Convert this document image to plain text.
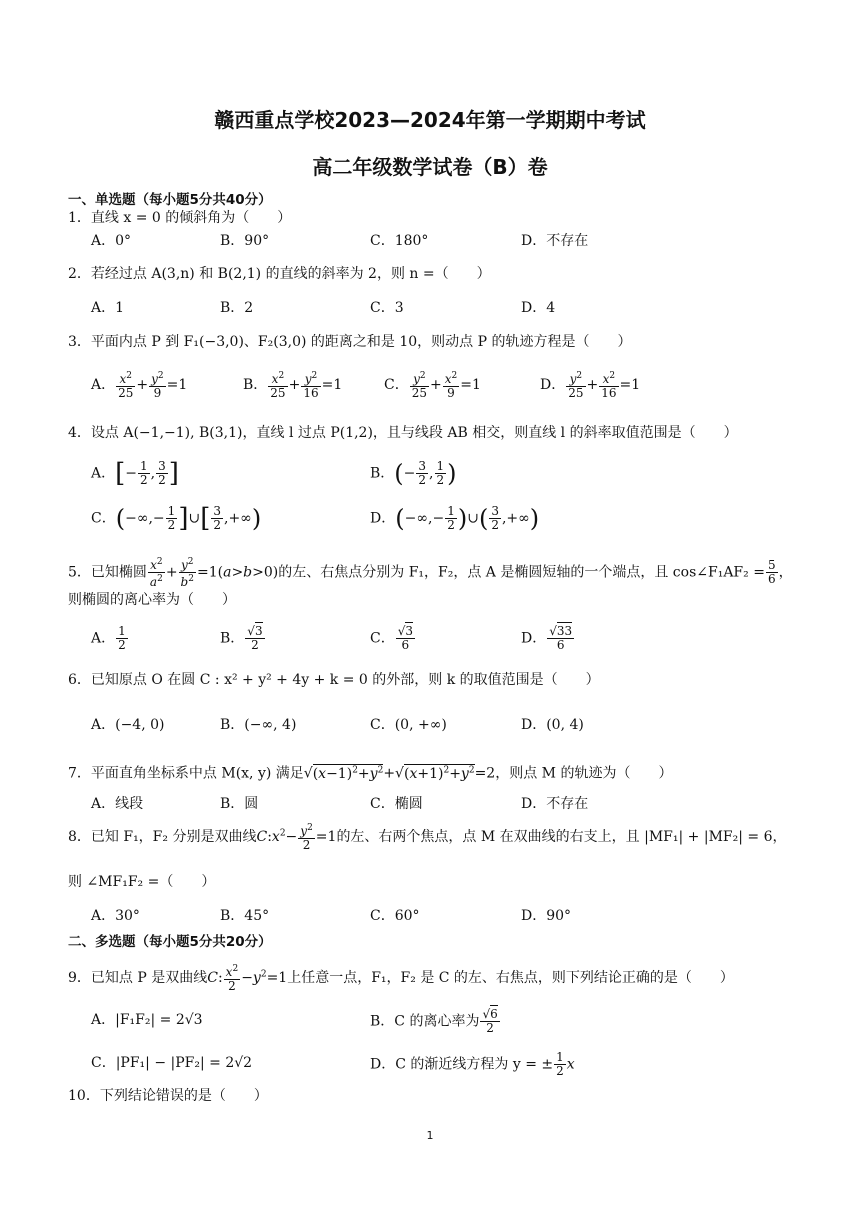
赣西重点学校2023—2024年第一学期期中考试
高二年级数学试卷（B）卷
一、单选题（每小题5分共40分）
1．直线 x = 0 的倾斜角为（　　）
A．0°	B．90°	C．180°	D．不存在
2．若经过点 A(3,n) 和 B(2,1) 的直线的斜率为 2，则 n =（　　）
A．1	B．2	C．3	D．4
3．平面内点 P 到 F₁(−3,0)、F₂(3,0) 的距离之和是 10，则动点 P 的轨迹方程是（　　）
A． $\frac{x^2}{25} + \frac{y^2}{9} =1$	B． $\frac{x^2}{25} + \frac{y^2}{16} =1$	C． $\frac{y^2}{25} + \frac{x^2}{9} =1$	D． $\frac{y^2}{25} + \frac{x^2}{16} =1$
4．设点 A(−1,−1), B(3,1)，直线 l 过点 P(1,2)，且与线段 AB 相交，则直线 l 的斜率取值范围是（　　）
A．[− $\frac{1}{2}$ , $\frac{3}{2}$ ]	B．(− $\frac{3}{2}$ , $\frac{1}{2}$ )
C．(−∞,− $\frac{1}{2}$ ]∪[ $\frac{3}{2}$ ,+∞)	D．(−∞,− $\frac{1}{2}$ )∪( $\frac{3}{2}$ ,+∞)
5．已知椭圆 $\frac{x^2}{a^2} + \frac{y^2}{b^2} =1(a>b>0)$的左、右焦点分别为 F₁，F₂，点 A 是椭圆短轴的一个端点，且 cos∠F₁AF₂ = $\frac{5}{6}$ ，
则椭圆的离心率为（　　）
A． $\frac{1}{2}$	B． $\frac{√3}{2}$	C． $\frac{√3}{6}$	D． $\frac{√33}{6}$
6．已知原点 O 在圆 C : x² + y² + 4y + k = 0 的外部，则 k 的取值范围是（　　）
A．(−4, 0)	B．(−∞, 4)	C．(0, +∞)	D．(0, 4)
7．平面直角坐标系中点 M(x, y) 满足$√(x-1)^2+y^2+√(x+1)^2+y^2=2$，则点 M 的轨迹为（　　）
A．线段	B．圆	C．椭圆	D．不存在
8．已知 F₁，F₂ 分别是双曲线$C:x^2- \frac{y^2}{2} =1$的左、右两个焦点，点 M 在双曲线的右支上，且 |MF₁| + |MF₂| = 6，
则 ∠MF₁F₂ =（　　）
A．30°	B．45°	C．60°	D．90°
二、多选题（每小题5分共20分）
9．已知点 P 是双曲线C: $\frac{x^2}{2} -y^2=1$上任意一点，F₁，F₂ 是 C 的左、右焦点，则下列结论正确的是（　　）
A．|F₁F₂| = 2√3	B．C 的离心率为 $\frac{√6}{2}$
C．|PF₁| − |PF₂| = 2√2	D．C 的渐近线方程为 y = ± $\frac{1}{2}$ x
10．下列结论错误的是（　　）
1
